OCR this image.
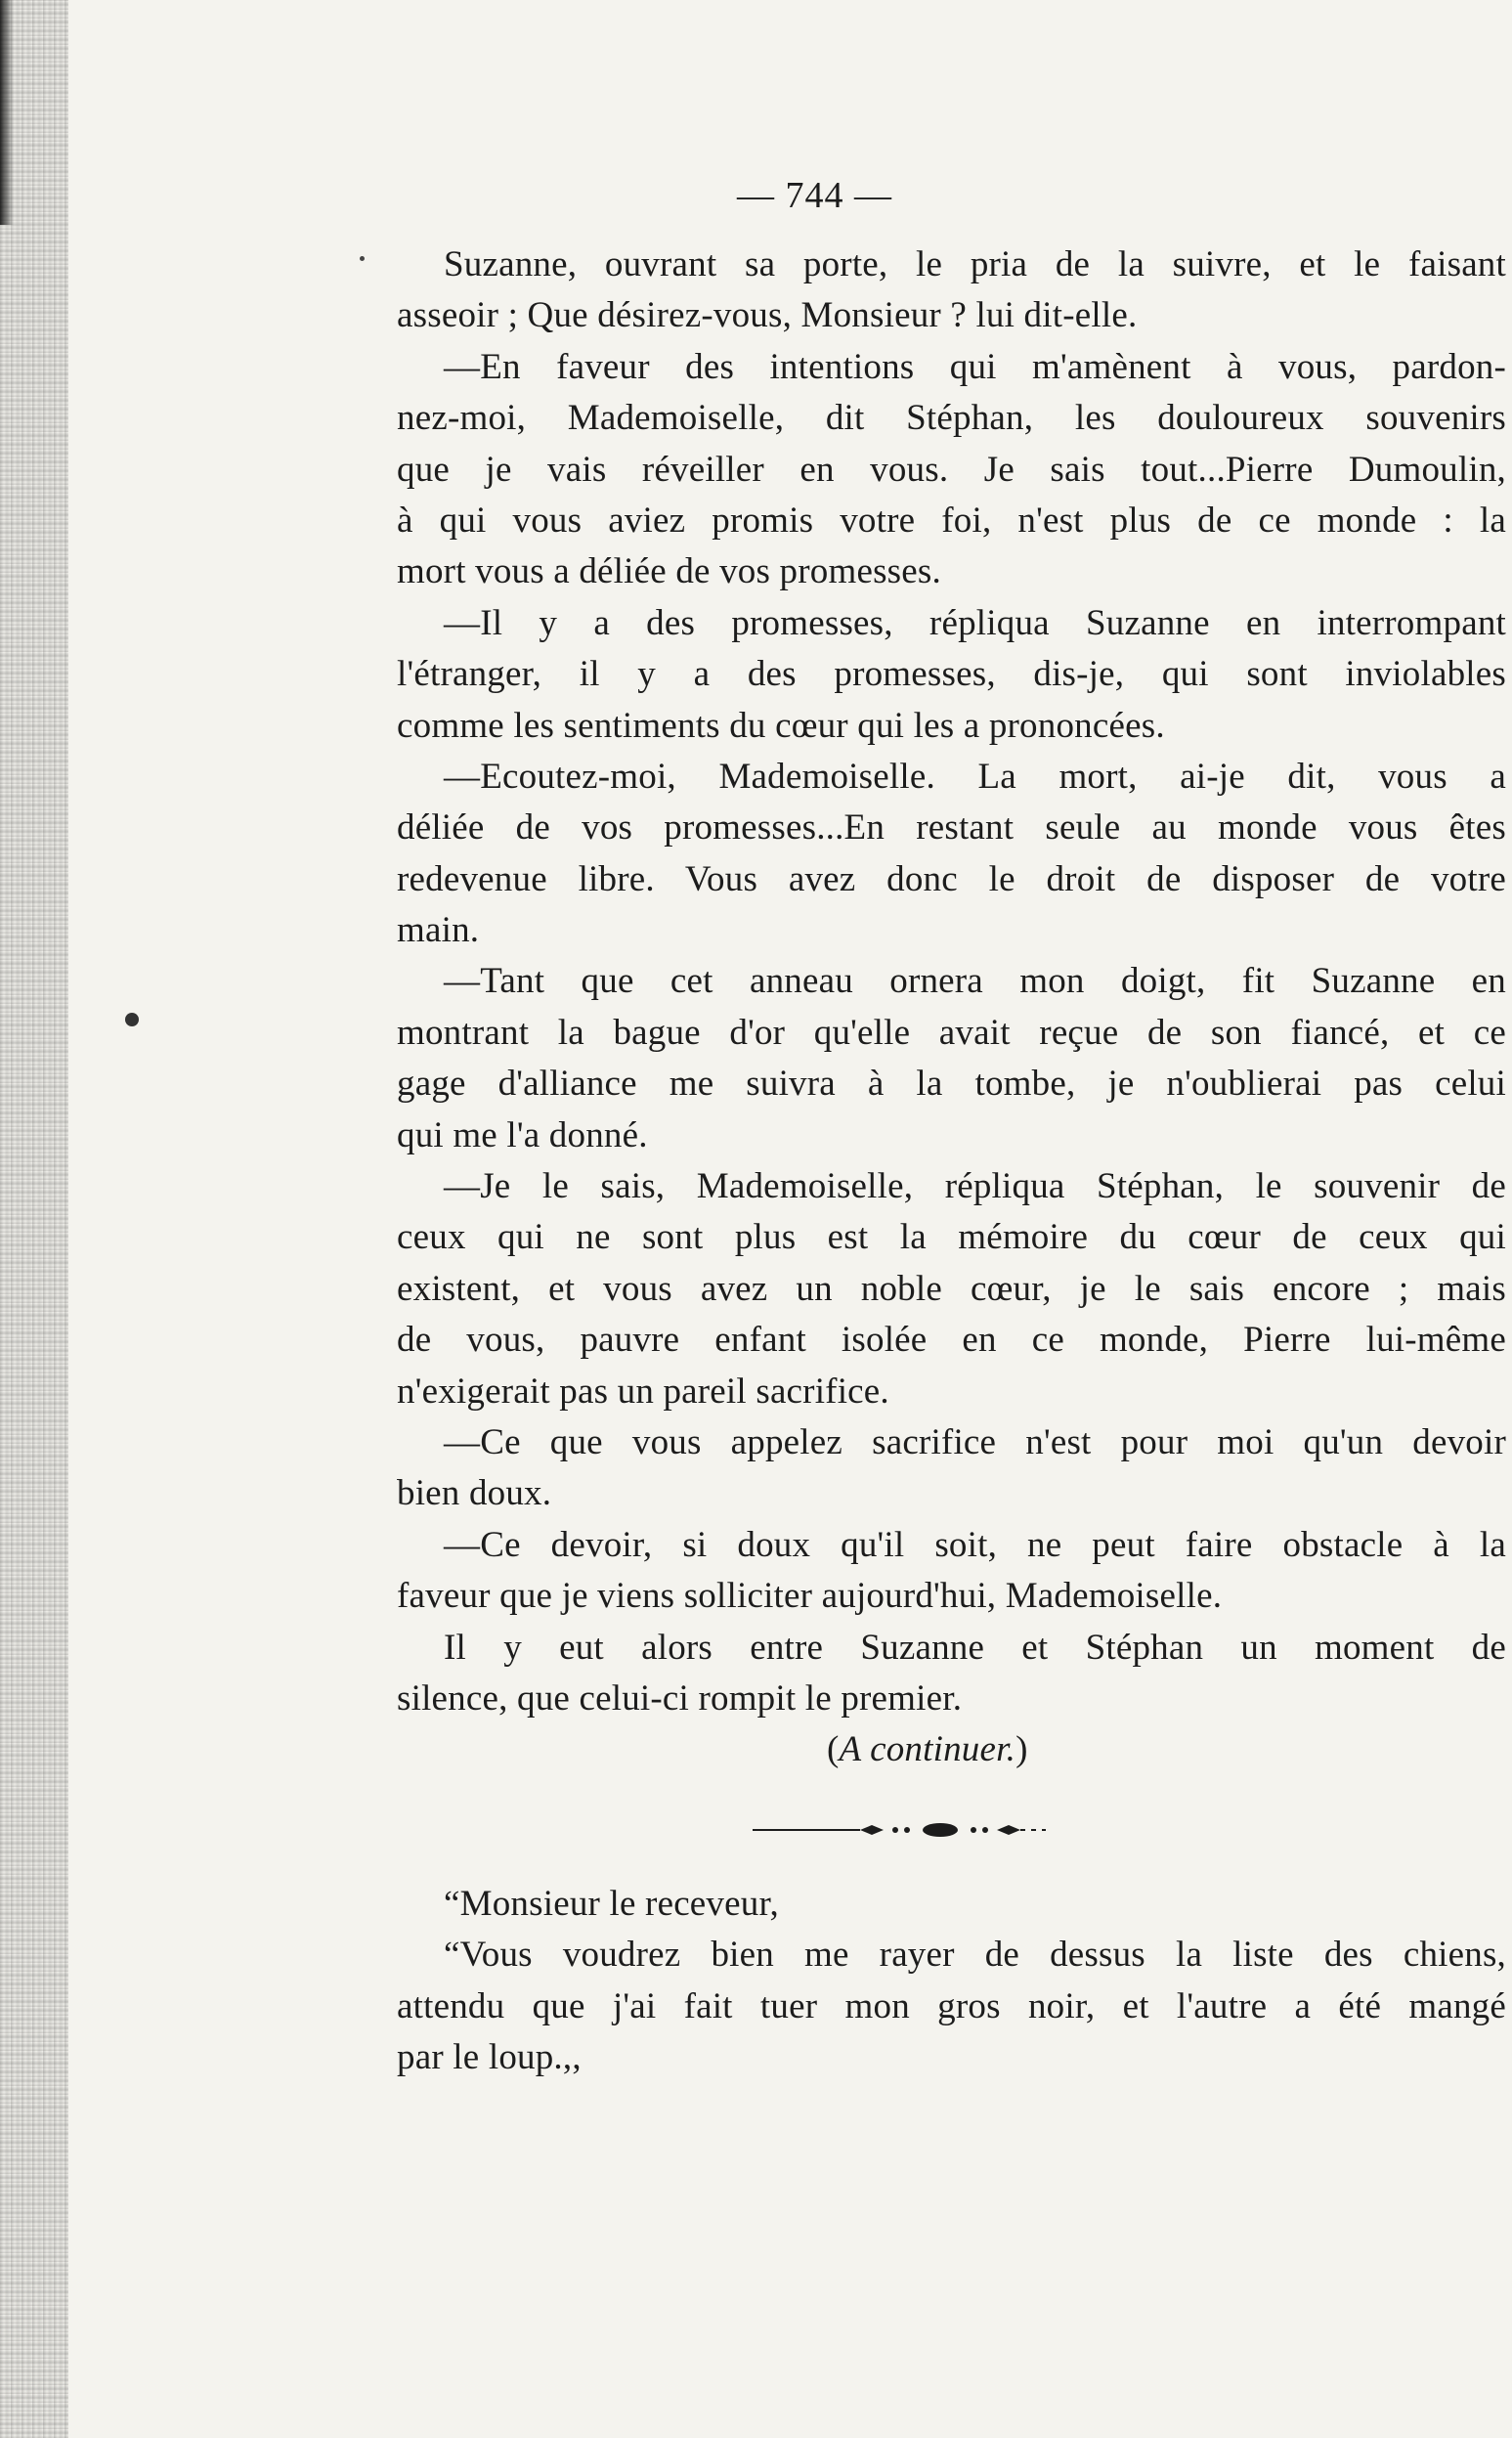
— 744 —
Suzanne, ouvrant sa porte, le pria de la suivre, et le faisant
asseoir ; Que désirez-vous, Monsieur ? lui dit-elle.
—En faveur des intentions qui m'amènent à vous, pardon-
nez-moi, Mademoiselle, dit Stéphan, les douloureux souvenirs
que je vais réveiller en vous. Je sais tout...Pierre Dumoulin,
à qui vous aviez promis votre foi, n'est plus de ce monde : la
mort vous a déliée de vos promesses.
—Il y a des promesses, répliqua Suzanne en interrompant
l'étranger, il y a des promesses, dis-je, qui sont inviolables
comme les sentiments du cœur qui les a prononcées.
—Ecoutez-moi, Mademoiselle. La mort, ai-je dit, vous a
déliée de vos promesses...En restant seule au monde vous êtes
redevenue libre. Vous avez donc le droit de disposer de votre
main.
—Tant que cet anneau ornera mon doigt, fit Suzanne en
montrant la bague d'or qu'elle avait reçue de son fiancé, et ce
gage d'alliance me suivra à la tombe, je n'oublierai pas celui
qui me l'a donné.
—Je le sais, Mademoiselle, répliqua Stéphan, le souvenir de
ceux qui ne sont plus est la mémoire du cœur de ceux qui
existent, et vous avez un noble cœur, je le sais encore ; mais
de vous, pauvre enfant isolée en ce monde, Pierre lui-même
n'exigerait pas un pareil sacrifice.
—Ce que vous appelez sacrifice n'est pour moi qu'un devoir
bien doux.
—Ce devoir, si doux qu'il soit, ne peut faire obstacle à la
faveur que je viens solliciter aujourd'hui, Mademoiselle.
Il y eut alors entre Suzanne et Stéphan un moment de
silence, que celui-ci rompit le premier.
(A continuer.)
“Monsieur le receveur,
“Vous voudrez bien me rayer de dessus la liste des chiens,
attendu que j'ai fait tuer mon gros noir, et l'autre a été mangé
par le loup.,,
